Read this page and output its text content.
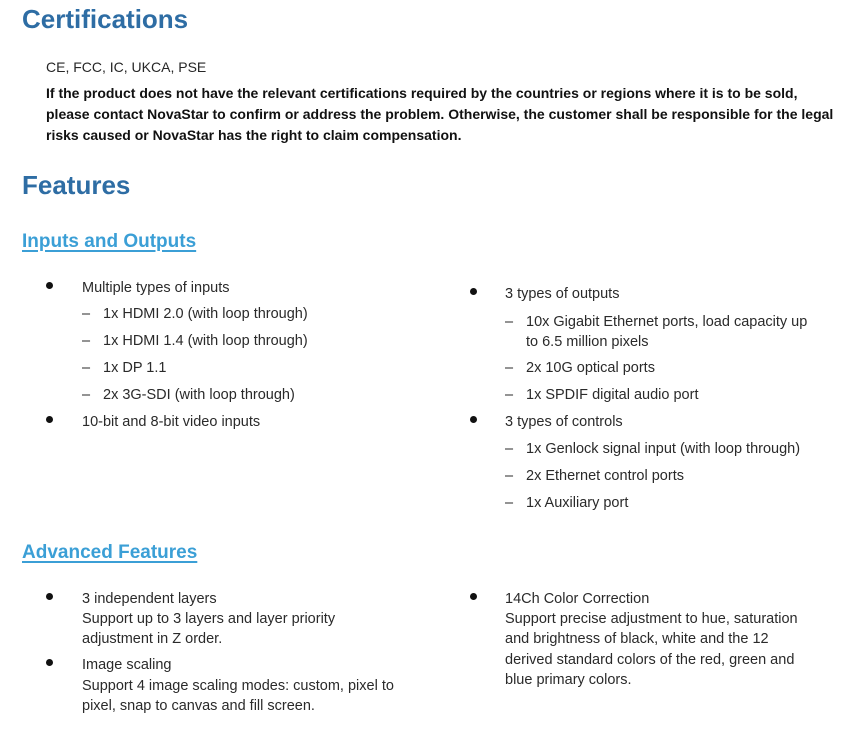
Certifications
CE, FCC, IC, UKCA, PSE
If the product does not have the relevant certifications required by the countries or regions where it is to be sold, please contact NovaStar to confirm or address the problem. Otherwise, the customer shall be responsible for the legal risks caused or NovaStar has the right to claim compensation.
Features
Inputs and Outputs
Multiple types of inputs
– 1x HDMI 2.0 (with loop through)
– 1x HDMI 1.4 (with loop through)
– 1x DP 1.1
– 2x 3G-SDI (with loop through)
10-bit and 8-bit video inputs
3 types of outputs
– 10x Gigabit Ethernet ports, load capacity up
to 6.5 million pixels
– 2x 10G optical ports
– 1x SPDIF digital audio port
3 types of controls
– 1x Genlock signal input (with loop through)
– 2x Ethernet control ports
– 1x Auxiliary port
Advanced Features
3 independent layers
Support up to 3 layers and layer priority
adjustment in Z order.
Image scaling
Support 4 image scaling modes: custom, pixel to
pixel, snap to canvas and fill screen.
14Ch Color Correction
Support precise adjustment to hue, saturation
and brightness of black, white and the 12
derived standard colors of the red, green and
blue primary colors.
